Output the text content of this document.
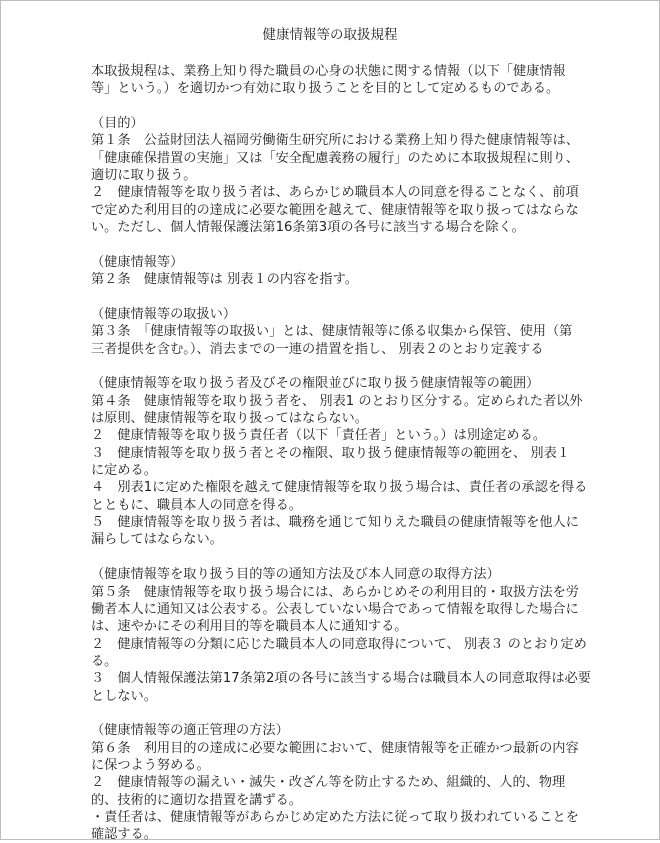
健康情報等の取扱規程
本取扱規程は、業務上知り得た職員の心身の状態に関する情報（以下「健康情報
等」という。）を適切かつ有効に取り扱うことを目的として定めるものである。
（目的）
第１条　公益財団法人福岡労働衛生研究所における業務上知り得た健康情報等は、
「健康確保措置の実施」又は「安全配慮義務の履行」のために本取扱規程に則り、
適切に取り扱う。
２　健康情報等を取り扱う者は、あらかじめ職員本人の同意を得ることなく、前項
で定めた利用目的の達成に必要な範囲を越えて、健康情報等を取り扱ってはならな
い。ただし、個人情報保護法第16条第3項の各号に該当する場合を除く。
（健康情報等）
第２条　健康情報等は 別表１の内容を指す。
（健康情報等の取扱い）
第３条　「健康情報等の取扱い」とは、健康情報等に係る収集から保管、使用（第
三者提供を含む。）、消去までの一連の措置を指し、 別表２のとおり定義する
（健康情報等を取り扱う者及びその権限並びに取り扱う健康情報等の範囲）
第４条　健康情報等を取り扱う者を、 別表1 のとおり区分する。定められた者以外
は原則、健康情報等を取り扱ってはならない。
２　健康情報等を取り扱う責任者（以下「責任者」という。）は別途定める。
３　健康情報等を取り扱う者とその権限、取り扱う健康情報等の範囲を、 別表１
に定める。
４　別表1に定めた権限を越えて健康情報等を取り扱う場合は、責任者の承認を得る
とともに、職員本人の同意を得る。
５　健康情報等を取り扱う者は、職務を通じて知りえた職員の健康情報等を他人に
漏らしてはならない。
（健康情報等を取り扱う目的等の通知方法及び本人同意の取得方法）
第５条　健康情報等を取り扱う場合には、あらかじめその利用目的・取扱方法を労
働者本人に通知又は公表する。公表していない場合であって情報を取得した場合に
は、速やかにその利用目的等を職員本人に通知する。
２　健康情報等の分類に応じた職員本人の同意取得について、 別表３ のとおり定め
る。
３　個人情報保護法第17条第2項の各号に該当する場合は職員本人の同意取得は必要
としない。
（健康情報等の適正管理の方法）
第６条　利用目的の達成に必要な範囲において、健康情報等を正確かつ最新の内容
に保つよう努める。
２　健康情報等の漏えい・滅失・改ざん等を防止するため、組織的、人的、物理
的、技術的に適切な措置を講ずる。
・責任者は、健康情報等があらかじめ定めた方法に従って取り扱われていることを
確認する。
